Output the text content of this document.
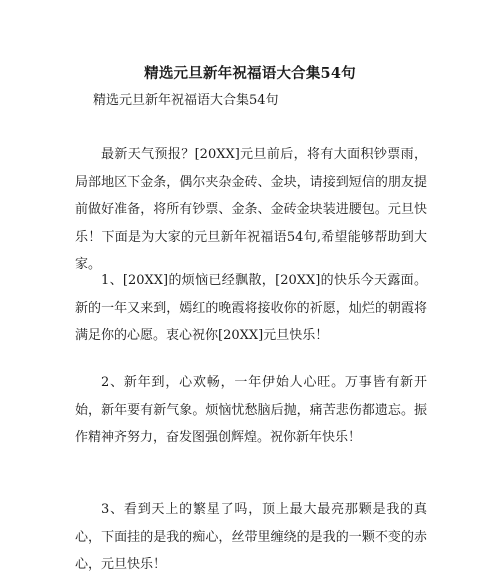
精选元旦新年祝福语大合集54句
精选元旦新年祝福语大合集54句

最新天气预报？[20XX]元旦前后，将有大面积钞票雨，局部地区下金条，偶尔夹杂金砖、金块，请接到短信的朋友提前做好准备，将所有钞票、金条、金砖金块装进腰包。元旦快乐！下面是为大家的元旦新年祝福语54句,希望能够帮助到大家。

1、[20XX]的烦恼已经飘散，[20XX]的快乐今天露面。新的一年又来到，嫣红的晚霞将接收你的祈愿，灿烂的朝霞将满足你的心愿。衷心祝你[20XX]元旦快乐！

2、新年到，心欢畅，一年伊始人心旺。万事皆有新开始，新年要有新气象。烦恼忧愁脑后抛，痛苦悲伤都遗忘。振作精神齐努力，奋发图强创辉煌。祝你新年快乐！

3、看到天上的繁星了吗，顶上最大最亮那颗是我的真心，下面挂的是我的痴心，丝带里缠绕的是我的一颗不变的赤心，元旦快乐！
